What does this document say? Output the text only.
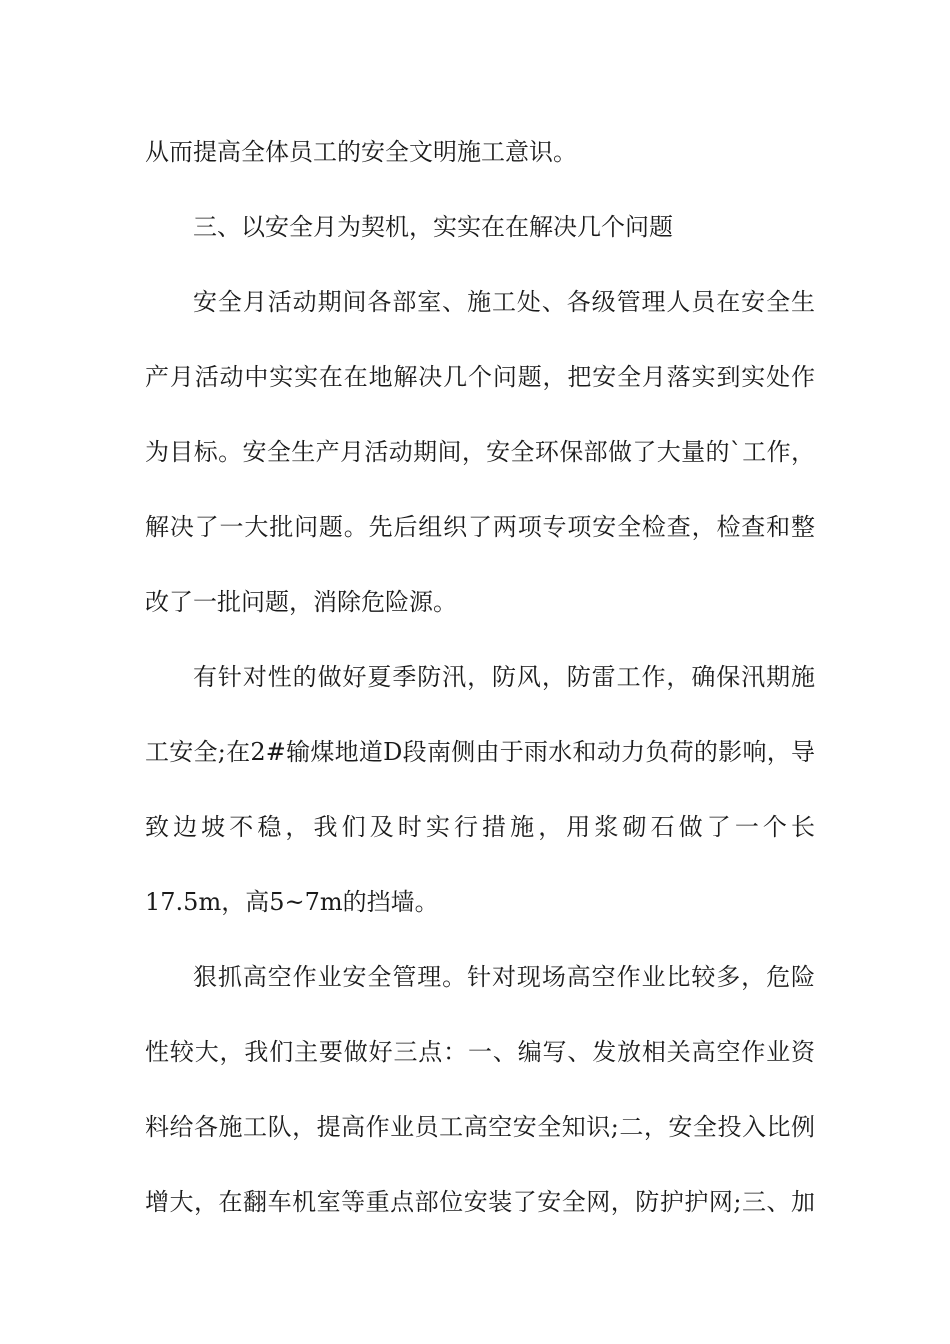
从而提高全体员工的安全文明施工意识。

三、以安全月为契机，实实在在解决几个问题

安全月活动期间各部室、施工处、各级管理人员在安全生

产月活动中实实在在地解决几个问题，把安全月落实到实处作

为目标。安全生产月活动期间，安全环保部做了大量的`工作，

解决了一大批问题。先后组织了两项专项安全检查，检查和整

改了一批问题，消除危险源。

有针对性的做好夏季防汛，防风，防雷工作，确保汛期施

工安全;在2#输煤地道D段南侧由于雨水和动力负荷的影响，导

致边坡不稳，我们及时实行措施，用浆砌石做了一个长

17.5m，高5~7m的挡墙。

狠抓高空作业安全管理。针对现场高空作业比较多，危险

性较大，我们主要做好三点：一、编写、发放相关高空作业资

料给各施工队，提高作业员工高空安全知识;二，安全投入比例

增大，在翻车机室等重点部位安装了安全网，防护护网;三、加
